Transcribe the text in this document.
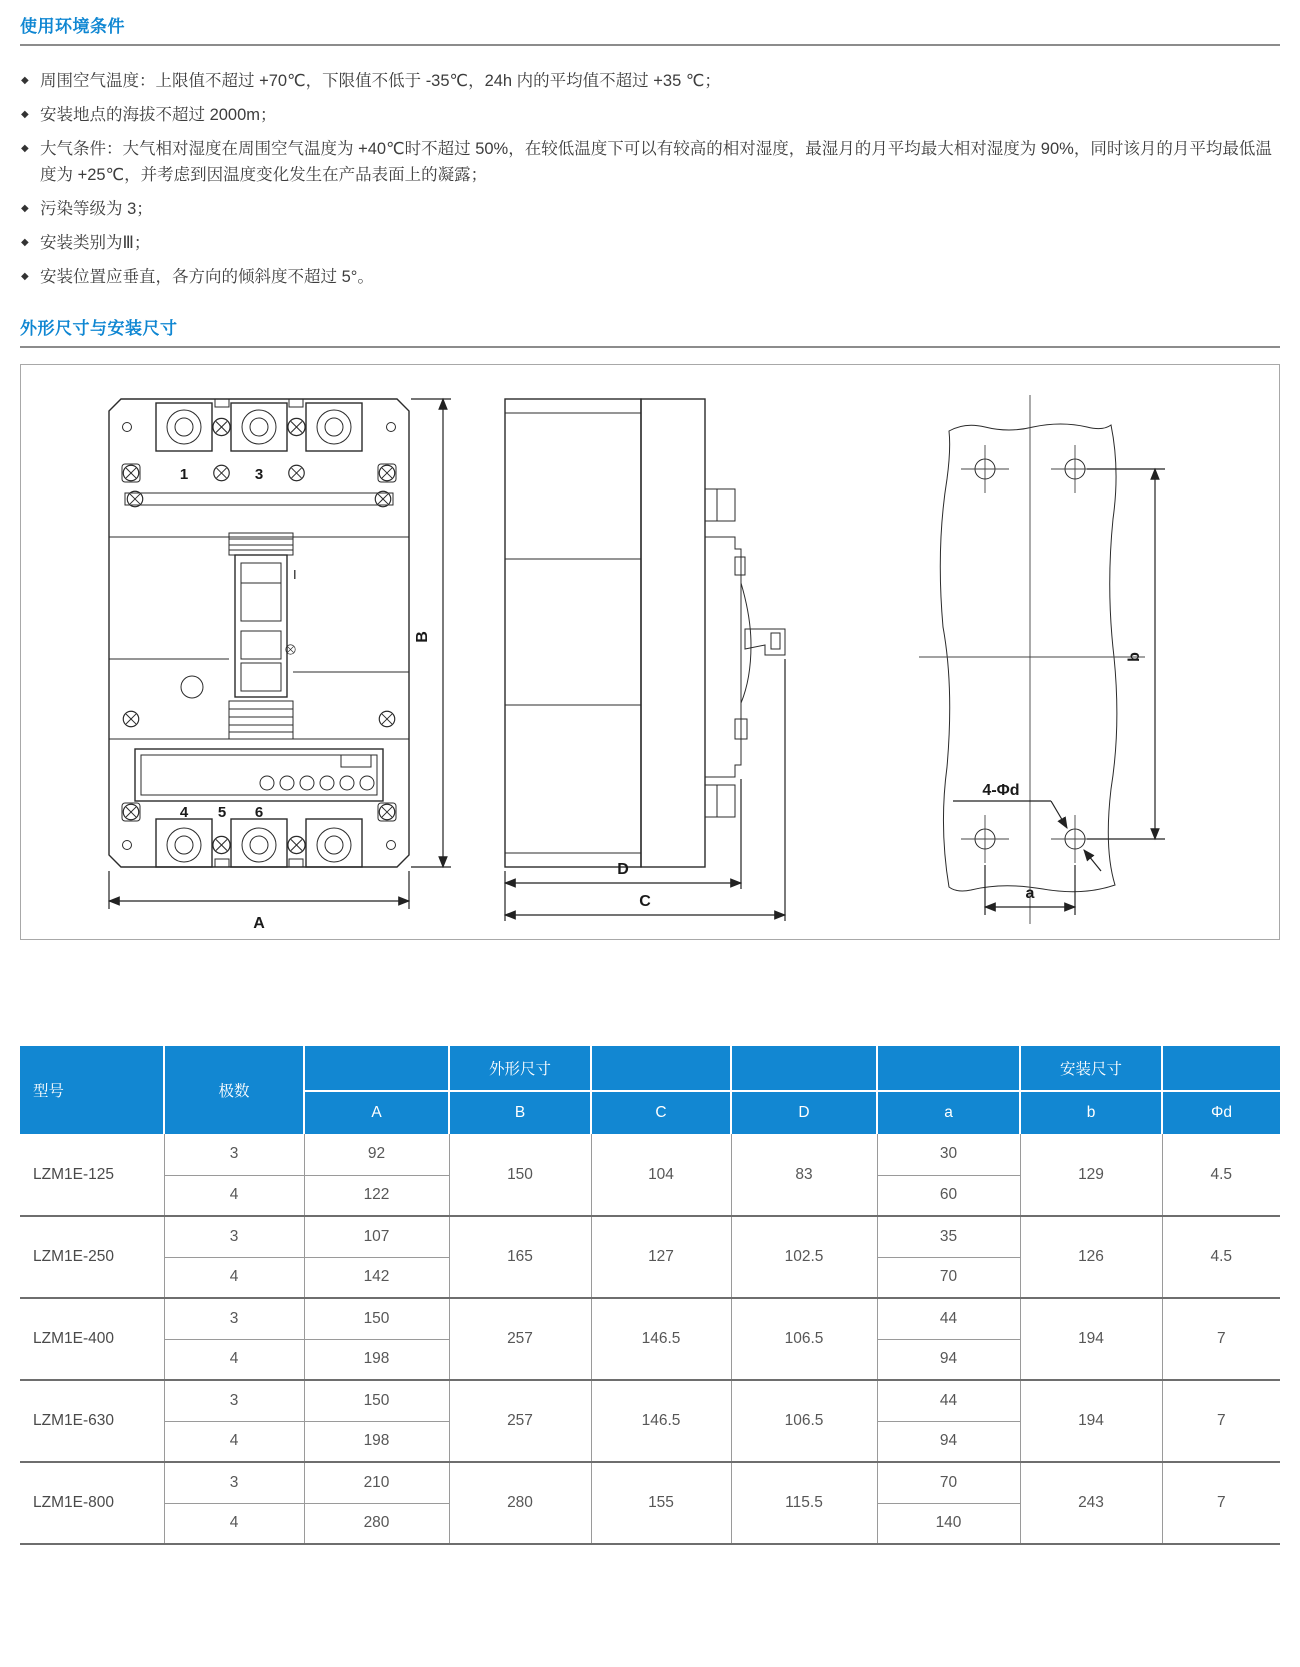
使用环境条件
◆ 周围空气温度：上限值不超过 +70℃，下限值不低于 -35℃，24h 内的平均值不超过 +35 ℃；
◆ 安装地点的海拔不超过 2000m；
◆ 大气条件：大气相对湿度在周围空气温度为 +40℃时不超过 50%，在较低温度下可以有较高的相对湿度，最湿月的月平均最大相对湿度为 90%，同时该月的月平均最低温度为 +25℃，并考虑到因温度变化发生在产品表面上的凝露；
◆ 污染等级为 3；
◆ 安装类别为Ⅲ；
◆ 安装位置应垂直，各方向的倾斜度不超过 5°。
外形尺寸与安装尺寸
1	3
I
4 5 6
B
A
D
C
4-Φd
b
a
型号	极数		外形尺寸				安装尺寸	
		A	B	C	D	a	b	Φd
LZM1E-125	3	92	150	104	83	30	129	4.5
	4	122				60		
LZM1E-250	3	107	165	127	102.5	35	126	4.5
	4	142				70		
LZM1E-400	3	150	257	146.5	106.5	44	194	7
	4	198				94		
LZM1E-630	3	150	257	146.5	106.5	44	194	7
	4	198				94		
LZM1E-800	3	210	280	155	115.5	70	243	7
	4	280				140		
